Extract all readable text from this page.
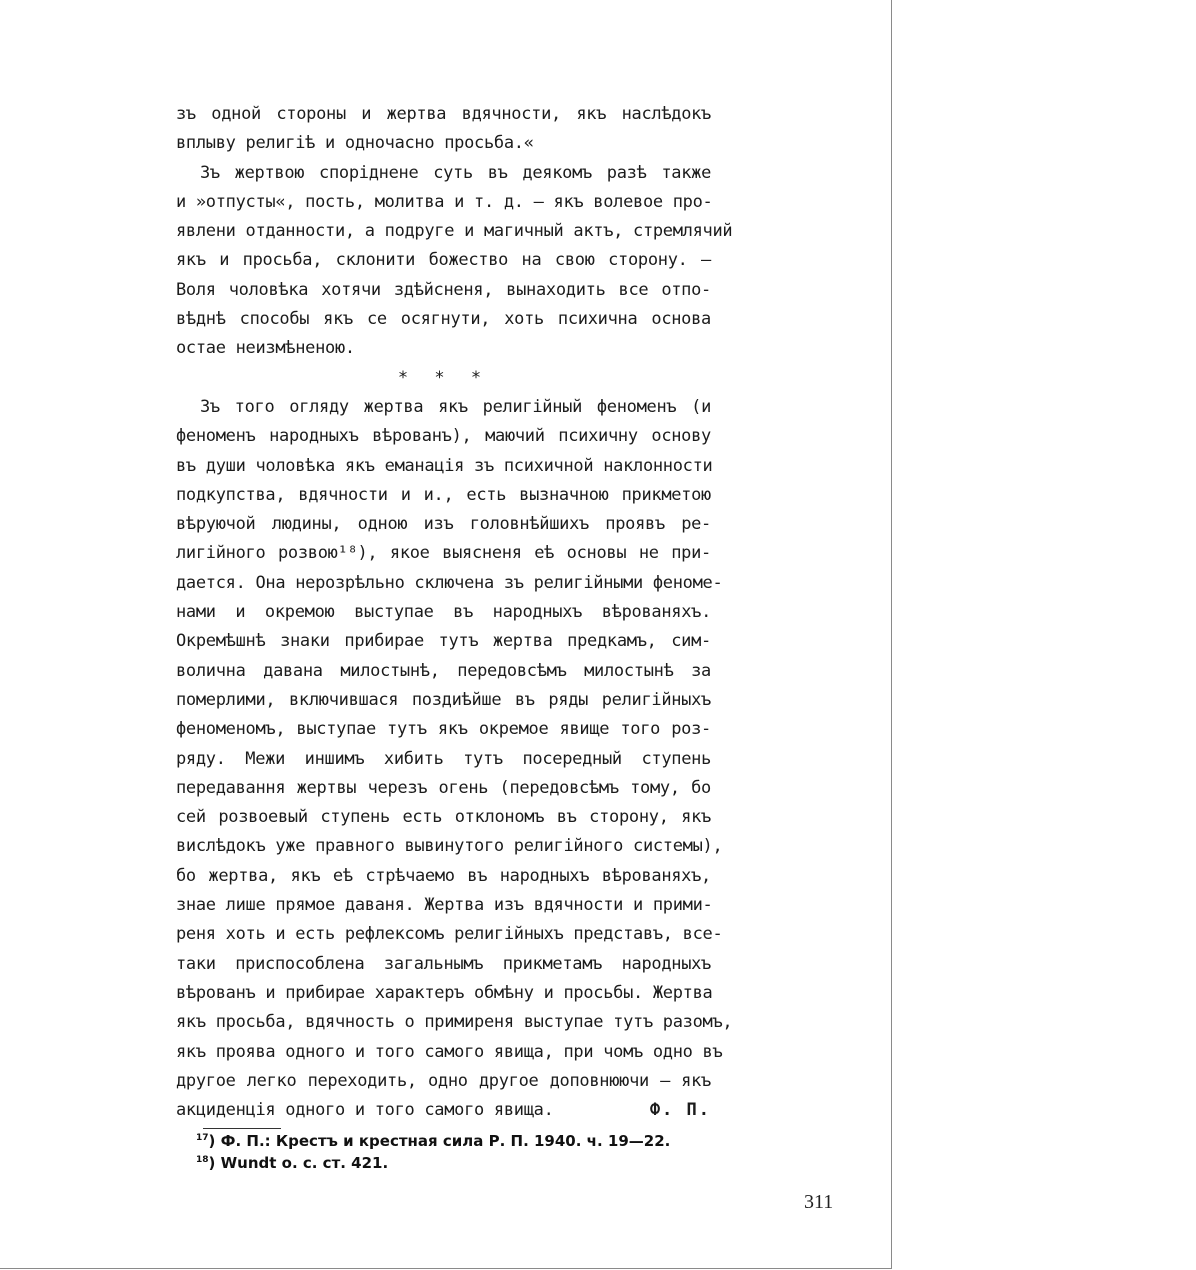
зъ одной стороны и жертва вдячности, якъ наслѣдокъ
вплыву религіѣ и одночасно просьба.«
Зъ жертвою споріднене суть въ деякомъ разѣ также
и »отпусты«, пость, молитва и т. д. — якъ волевое про-
явлени отданности, а подруге и магичный актъ, стремлячий
якъ и просьба, склонити божество на свою сторону. —
Воля чоловѣка хотячи здѣйсненя, вынаходить все отпо-
вѣднѣ способы якъ се осягнути, хоть психична основа
остае неизмѣненою.
* * *
Зъ того огляду жертва якъ религійный феноменъ (и
феноменъ народныхъ вѣрованъ), маючий психичну основу
въ души чоловѣка якъ еманація зъ психичной наклонности
подкупства, вдячности и и., есть вызначною прикметою
вѣруючой людины, одною изъ головнѣйшихъ проявъ ре-
лигійного розвою¹⁸), якое выясненя еѣ основы не при-
дается. Она нерозрѣльно сключена зъ религійными феноме-
нами и окремою выступае въ народныхъ вѣрованяхъ.
Окремѣшнѣ знаки прибирае тутъ жертва предкамъ, сим-
волична давана милостынѣ, передовсѣмъ милостынѣ за
померлими, включившася поздиѣйше въ ряды религійныхъ
феноменомъ, выступае тутъ якъ окремое явище того роз-
ряду. Межи иншимъ хибить тутъ посередный ступень
передавання жертвы черезъ огень (передовсѣмъ тому, бо
сей розвоевый ступень есть отклономъ въ сторону, якъ
вислѣдокъ уже правного вывинутого религійного системы),
бо жертва, якъ еѣ стрѣчаемо въ народныхъ вѣрованяхъ,
знае лише прямое даваня. Жертва изъ вдячности и прими-
реня хоть и есть рефлексомъ религійныхъ представъ, все-
таки приспособлена загальнымъ прикметамъ народныхъ
вѣрованъ и прибирае характеръ обмѣну и просьбы. Жертва
якъ просьба, вдячность о примиреня выступае тутъ разомъ,
якъ проява одного и того самого явища, при чомъ одно въ
другое легко переходить, одно другое доповнюючи — якъ
акциденція одного и того самого явища.	Ф. П.
$^{17}$) Ф. П.: Крестъ и крестная сила Р. П. 1940. ч. 19—22.
$^{18}$) Wundt о. с. ст. 421.
311
